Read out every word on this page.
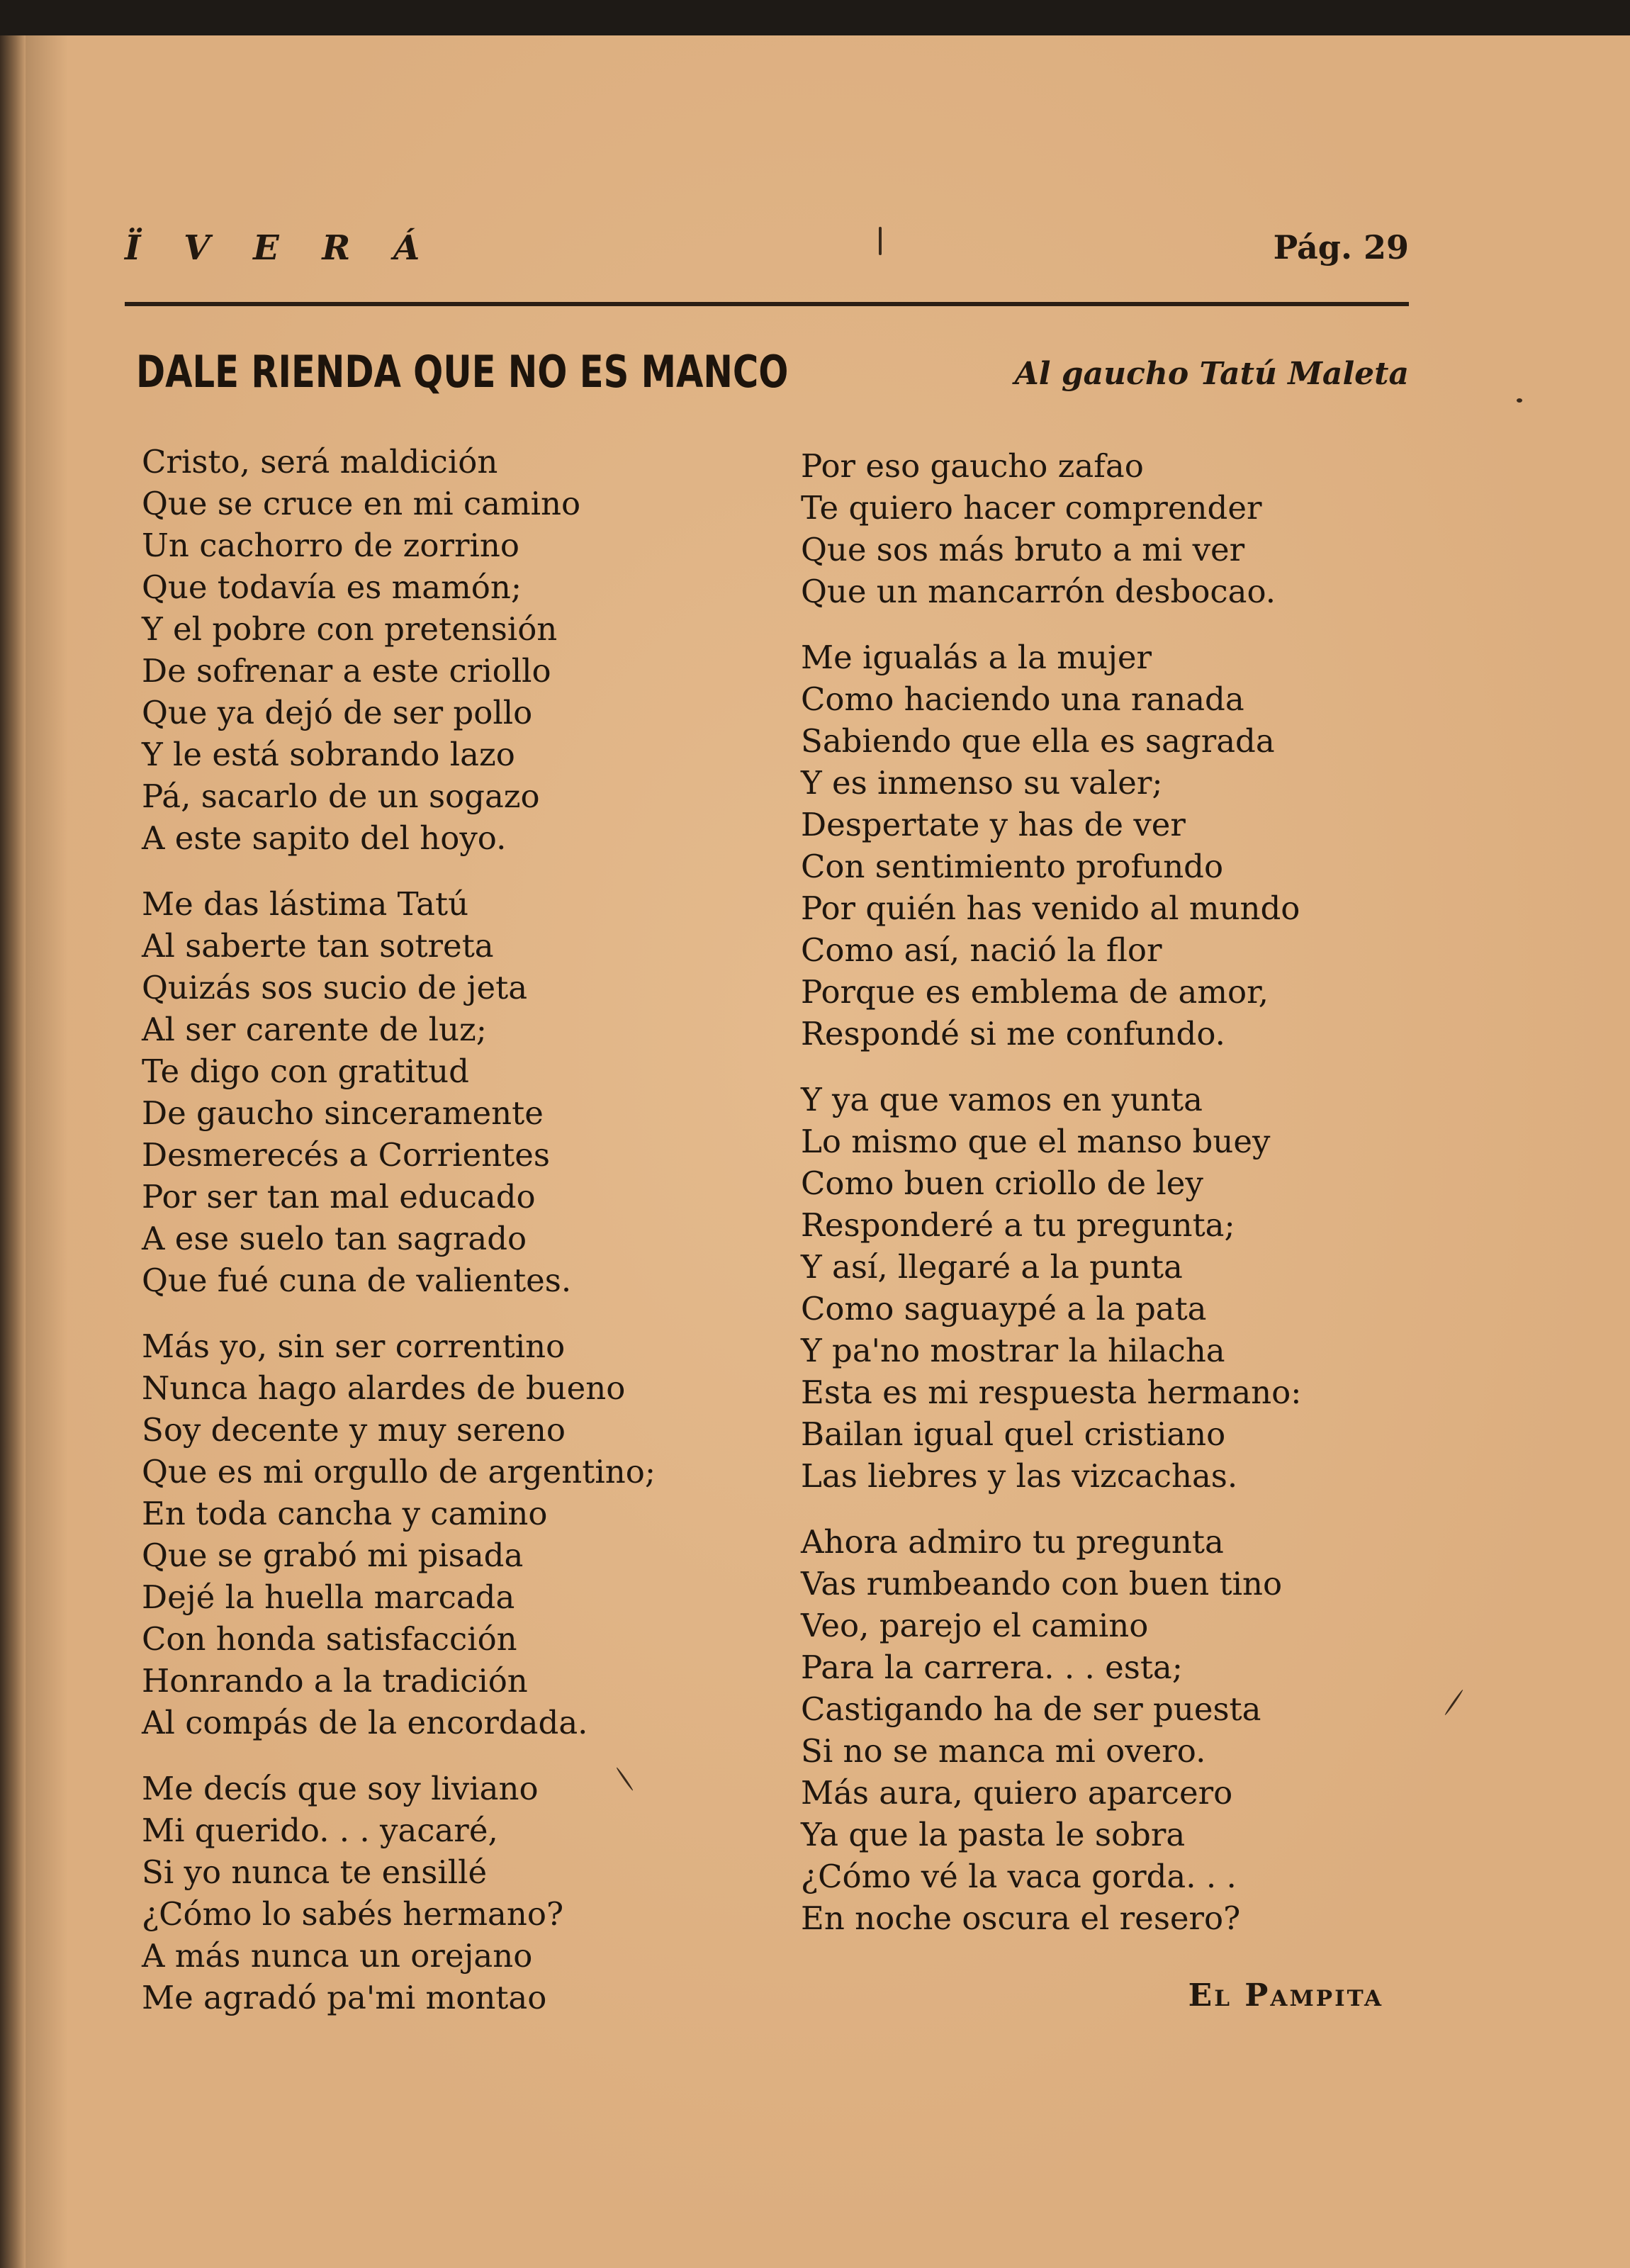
Ï V E R Á	Pág. 29
DALE RIENDA QUE NO ES MANCO	Al gaucho Tatú Maleta
Cristo, será maldición
Que se cruce en mi camino
Un cachorro de zorrino
Que todavía es mamón;
Y el pobre con pretensión
De sofrenar a este criollo
Que ya dejó de ser pollo
Y le está sobrando lazo
Pá, sacarlo de un sogazo
A este sapito del hoyo.
Me das lástima Tatú
Al saberte tan sotreta
Quizás sos sucio de jeta
Al ser carente de luz;
Te digo con gratitud
De gaucho sinceramente
Desmerecés a Corrientes
Por ser tan mal educado
A ese suelo tan sagrado
Que fué cuna de valientes.
Más yo, sin ser correntino
Nunca hago alardes de bueno
Soy decente y muy sereno
Que es mi orgullo de argentino;
En toda cancha y camino
Que se grabó mi pisada
Dejé la huella marcada
Con honda satisfacción
Honrando a la tradición
Al compás de la encordada.
Me decís que soy liviano
Mi querido. . . yacaré,
Si yo nunca te ensillé
¿Cómo lo sabés hermano?
A más nunca un orejano
Me agradó pa'mi montao
Por eso gaucho zafao
Te quiero hacer comprender
Que sos más bruto a mi ver
Que un mancarrón desbocao.
Me igualás a la mujer
Como haciendo una ranada
Sabiendo que ella es sagrada
Y es inmenso su valer;
Despertate y has de ver
Con sentimiento profundo
Por quién has venido al mundo
Como así, nació la flor
Porque es emblema de amor,
Respondé si me confundo.
Y ya que vamos en yunta
Lo mismo que el manso buey
Como buen criollo de ley
Responderé a tu pregunta;
Y así, llegaré a la punta
Como saguaypé a la pata
Y pa'no mostrar la hilacha
Esta es mi respuesta hermano:
Bailan igual quel cristiano
Las liebres y las vizcachas.
Ahora admiro tu pregunta
Vas rumbeando con buen tino
Veo, parejo el camino
Para la carrera. . . esta;
Castigando ha de ser puesta
Si no se manca mi overo.
Más aura, quiero aparcero
Ya que la pasta le sobra
¿Cómo vé la vaca gorda. . .
En noche oscura el resero?
El Pampita
